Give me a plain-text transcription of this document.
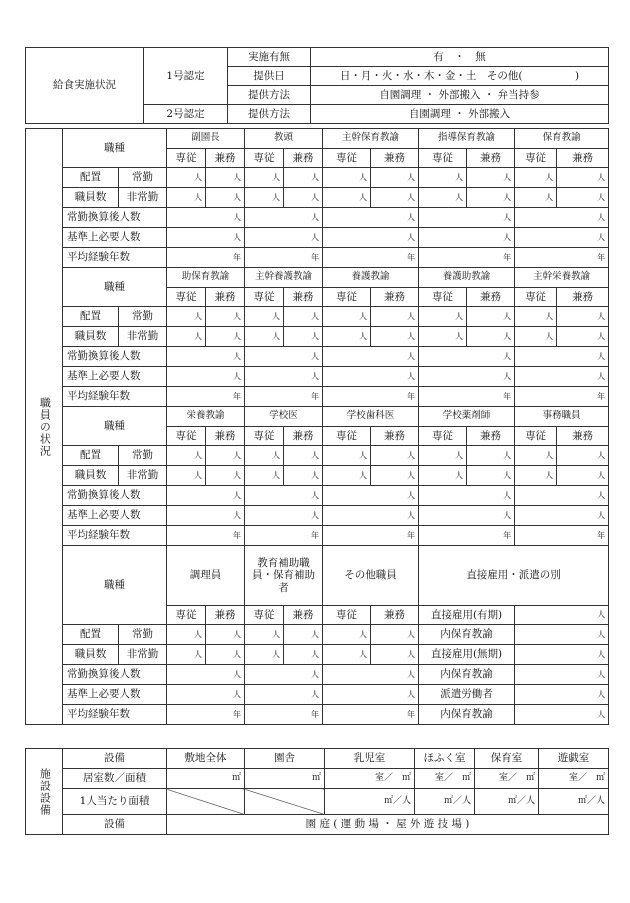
給食実施状況	1号認定	実施有無	有　・　無
		提供日	日・月・火・水・木・金・土　その他(　　　　　)
		提供方法	自園調理 ・ 外部搬入 ・ 弁当持参
	2号認定	提供方法	自園調理 ・ 外部搬入
職員の状況	職種		副園長		教頭		主幹保育教諭		指導保育教諭		保育教諭	
			専従	兼務	専従	兼務	専従	兼務	専従	兼務	専従	兼務
	配置	常勤	人	人	人	人	人	人	人	人	人	人
	職員数	非常勤	人	人	人	人	人	人	人	人	人	人
	常勤換算後人数		人		人		人		人		人	
	基準上必要人数		人		人		人		人		人	
	平均経験年数		年		年		年		年		年	
	職種		助保育教諭		主幹養護教諭		養護教諭		養護助教諭		主幹栄養教諭	
			専従	兼務	専従	兼務	専従	兼務	専従	兼務	専従	兼務
	配置	常勤	人	人	人	人	人	人	人	人	人	人
	職員数	非常勤	人	人	人	人	人	人	人	人	人	人
	常勤換算後人数		人		人		人		人		人	
	基準上必要人数		人		人		人		人		人	
	平均経験年数		年		年		年		年		年	
	職種		栄養教諭		学校医		学校歯科医		学校薬剤師		事務職員	
			専従	兼務	専従	兼務	専従	兼務	専従	兼務	専従	兼務
	配置	常勤	人	人	人	人	人	人	人	人	人	人
	職員数	非常勤	人	人	人	人	人	人	人	人	人	人
	常勤換算後人数		人		人		人		人		人	
	基準上必要人数		人		人		人		人		人	
	平均経験年数		年		年		年		年		年	
	職種		調理員		教育補助職員・保育補助者		その他職員		直接雇用・派遣の別			
			専従	兼務	専従	兼務	専従	兼務	直接雇用(有期)		人	
	配置	常勤	人	人	人	人	人	人	内保育教諭		人	
	職員数	非常勤	人	人	人	人	人	人	直接雇用(無期)		人	
	常勤換算後人数		人		人		人		内保育教諭		人	
	基準上必要人数		人		人		人		派遣労働者		人	
	平均経験年数		年		年		年		内保育教諭		人	
施設設備	設備	敷地全体	園舎	乳児室	ほふく室	保育室	遊戯室
	居室数／面積	㎡	㎡	室／　㎡	室／　㎡	室／　㎡	室／　㎡
	1人当たり面積			㎡／人	㎡／人	㎡／人	㎡／人
	設備	園 庭 ( 運 動 場 ・ 屋 外 遊 技 場 )					
